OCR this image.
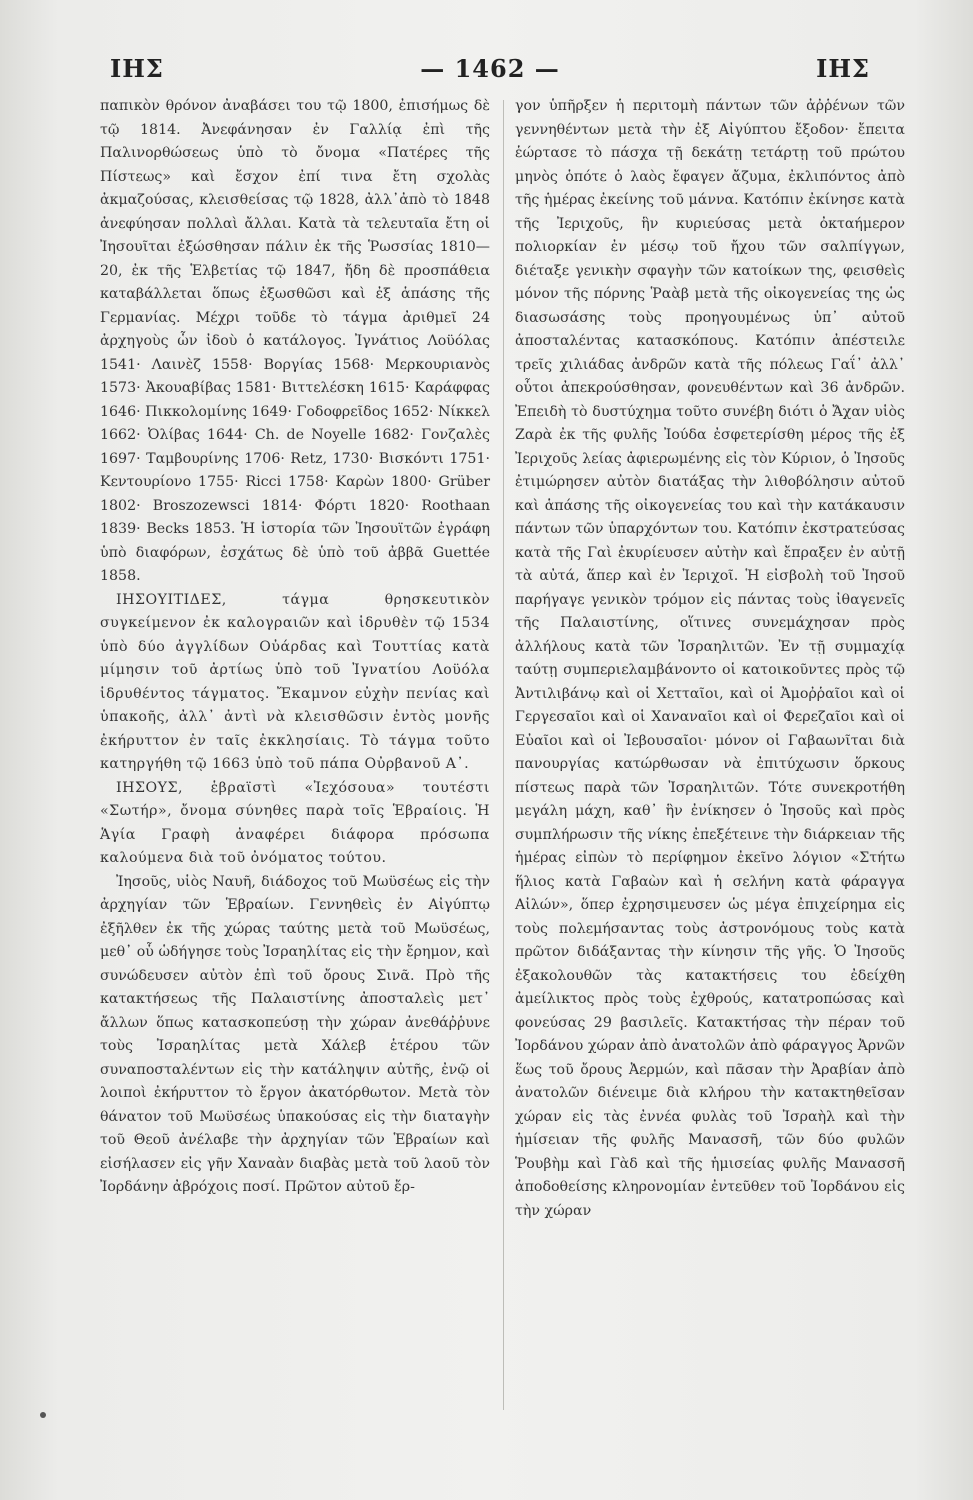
ΙΗΣ	— 1462 —	ΙΗΣ

παπικὸν θρόνον ἀναβάσει του τῷ 1800, ἐπισήμως δὲ τῷ 1814. Ἀνεφάνησαν ἐν Γαλλίᾳ ἐπὶ τῆς Παλινορθώσεως ὑπὸ τὸ ὄνομα «Πατέρες τῆς Πίστεως» καὶ ἔσχον ἐπί τινα ἔτη σχολὰς ἀκμαζούσας, κλεισθείσας τῷ 1828, ἀλλ᾿ἀπὸ τὸ 1848 ἀνεφύησαν πολλαὶ ἄλλαι. Κατὰ τὰ τελευταῖα ἔτη οἱ Ἰησουῖται ἐξώσθησαν πάλιν ἐκ τῆς Ῥωσσίας 1810—20, ἐκ τῆς Ἑλβετίας τῷ 1847, ἤδη δὲ προσπάθεια καταβάλλεται ὅπως ἐξωσθῶσι καὶ ἐξ ἁπάσης τῆς Γερμανίας. Μέχρι τοῦδε τὸ τάγμα ἀριθμεῖ 24 ἀρχηγοὺς ὧν ἰδοὺ ὁ κατάλογος. Ἰγνάτιος Λοϋόλας 1541· Λαινὲζ 1558· Βοργίας 1568· Μερκουριανὸς 1573· Ἀκουαβίβας 1581· Βιττελέσκη 1615· Καράφφας 1646· Πικκολομίνης 1649· Γοδοφρεῖδος 1652· Νίκκελ 1662· Ὀλίβας 1644· Ch. de Noyelle 1682· Γονζαλὲς 1697· Ταμβουρίνης 1706· Retz, 1730· Βισκόντι 1751· Κεντουρίονο 1755· Ricci 1758· Καρὼν 1800· Grüber 1802· Broszozewsci 1814· Φόρτι 1820· Roothaan 1839· Becks 1853. Ἡ ἱστορία τῶν Ἰησουϊτῶν ἐγράφη ὑπὸ διαφόρων, ἐσχάτως δὲ ὑπὸ τοῦ ἀββᾶ Guettée 1858.

ΙΗΣΟΥΙΤΙΔΕΣ, τάγμα θρησκευτικὸν συγκείμενον ἐκ καλογραιῶν καὶ ἱδρυθὲν τῷ 1534 ὑπὸ δύο ἀγγλίδων Οὐάρδας καὶ Τουττίας κατὰ μίμησιν τοῦ ἀρτίως ὑπὸ τοῦ Ἰγνατίου Λοϋόλα ἱδρυθέντος τάγματος. Ἔκαμνον εὐχὴν πενίας καὶ ὑπακοῆς, ἀλλ᾿ ἀντὶ νὰ κλεισθῶσιν ἐντὸς μονῆς ἐκήρυττον ἐν ταῖς ἐκκλησίαις. Τὸ τάγμα τοῦτο κατηργήθη τῷ 1663 ὑπὸ τοῦ πάπα Οὐρβανοῦ Α᾿.

ΙΗΣΟΥΣ, ἑβραϊστὶ «Ἰεχόσουα» τουτέστι «Σωτήρ», ὄνομα σύνηθες παρὰ τοῖς Ἑβραίοις. Ἡ Ἁγία Γραφὴ ἀναφέρει διάφορα πρόσωπα καλούμενα διὰ τοῦ ὀνόματος τούτου.

Ἰησοῦς, υἱὸς Ναυῆ, διάδοχος τοῦ Μωϋσέως εἰς τὴν ἀρχηγίαν τῶν Ἑβραίων. Γεννηθεὶς ἐν Αἰγύπτῳ ἐξῆλθεν ἐκ τῆς χώρας ταύτης μετὰ τοῦ Μωϋσέως, μεθ᾿ οὗ ὡδήγησε τοὺς Ἰσραηλίτας εἰς τὴν ἔρημον, καὶ συνώδευσεν αὐτὸν ἐπὶ τοῦ ὄρους Σινᾶ. Πρὸ τῆς κατακτήσεως τῆς Παλαιστίνης ἀποσταλεὶς μετ᾿ ἄλλων ὅπως κατασκοπεύσῃ τὴν χώραν ἀνεθάῤῥυνε τοὺς Ἰσραηλίτας μετὰ Χάλεβ ἑτέρου τῶν συναποσταλέντων εἰς τὴν κατάληψιν αὐτῆς, ἐνῷ οἱ λοιποὶ ἐκήρυττον τὸ ἔργον ἀκατόρθωτον. Μετὰ τὸν θάνατον τοῦ Μωϋσέως ὑπακούσας εἰς τὴν διαταγὴν τοῦ Θεοῦ ἀνέλαβε τὴν ἀρχηγίαν τῶν Ἑβραίων καὶ εἰσήλασεν εἰς γῆν Χαναὰν διαβὰς μετὰ τοῦ λαοῦ τὸν Ἰορδάνην ἀβρόχοις ποσί. Πρῶτον αὐτοῦ ἔρ-

γον ὑπῆρξεν ἡ περιτομὴ πάντων τῶν ἀῤῥένων τῶν γεννηθέντων μετὰ τὴν ἐξ Αἰγύπτου ἔξοδον· ἔπειτα ἑώρτασε τὸ πάσχα τῇ δεκάτῃ τετάρτῃ τοῦ πρώτου μηνὸς ὁπότε ὁ λαὸς ἔφαγεν ἄζυμα, ἐκλιπόντος ἀπὸ τῆς ἡμέρας ἐκείνης τοῦ μάννα. Κατόπιν ἐκίνησε κατὰ τῆς Ἰεριχοῦς, ἣν κυριεύσας μετὰ ὀκταήμερον πολιορκίαν ἐν μέσῳ τοῦ ἤχου τῶν σαλπίγγων, διέταξε γενικὴν σφαγὴν τῶν κατοίκων της, φεισθεὶς μόνον τῆς πόρνης Ῥαὰβ μετὰ τῆς οἰκογενείας της ὡς διασωσάσης τοὺς προηγουμένως ὑπ᾿ αὐτοῦ ἀποσταλέντας κατασκόπους. Κατόπιν ἀπέστειλε τρεῖς χιλιάδας ἀνδρῶν κατὰ τῆς πόλεως Γαΐ᾿ ἀλλ᾿ οὗτοι ἀπεκρούσθησαν, φονευθέντων καὶ 36 ἀνδρῶν. Ἐπειδὴ τὸ δυστύχημα τοῦτο συνέβη διότι ὁ Ἄχαν υἱὸς Ζαρὰ ἐκ τῆς φυλῆς Ἰούδα ἐσφετερίσθη μέρος τῆς ἐξ Ἰεριχοῦς λείας ἀφιερωμένης εἰς τὸν Κύριον, ὁ Ἰησοῦς ἐτιμώρησεν αὐτὸν διατάξας τὴν λιθοβόλησιν αὐτοῦ καὶ ἁπάσης τῆς οἰκογενείας του καὶ τὴν κατάκαυσιν πάντων τῶν ὑπαρχόντων του. Κατόπιν ἐκστρατεύσας κατὰ τῆς Γαὶ ἐκυρίευσεν αὐτὴν καὶ ἔπραξεν ἐν αὐτῇ τὰ αὐτά, ἅπερ καὶ ἐν Ἰεριχοῖ. Ἡ εἰσβολὴ τοῦ Ἰησοῦ παρήγαγε γενικὸν τρόμον εἰς πάντας τοὺς ἰθαγενεῖς τῆς Παλαιστίνης, οἵτινες συνεμάχησαν πρὸς ἀλλήλους κατὰ τῶν Ἰσραηλιτῶν. Ἐν τῇ συμμαχίᾳ ταύτῃ συμπεριελαμβάνοντο οἱ κατοικοῦντες πρὸς τῷ Ἀντιλιβάνῳ καὶ οἱ Χετταῖοι, καὶ οἱ Ἀμοῤῥαῖοι καὶ οἱ Γεργεσαῖοι καὶ οἱ Χαναναῖοι καὶ οἱ Φερεζαῖοι καὶ οἱ Εὐαῖοι καὶ οἱ Ἰεβουσαῖοι· μόνον οἱ Γαβαωνῖται διὰ πανουργίας κατώρθωσαν νὰ ἐπιτύχωσιν ὅρκους πίστεως παρὰ τῶν Ἰσραηλιτῶν. Τότε συνεκροτήθη μεγάλη μάχη, καθ᾿ ἣν ἐνίκησεν ὁ Ἰησοῦς καὶ πρὸς συμπλήρωσιν τῆς νίκης ἐπεξέτεινε τὴν διάρκειαν τῆς ἡμέρας εἰπὼν τὸ περίφημον ἐκεῖνο λόγιον «Στήτω ἥλιος κατὰ Γαβαὼν καὶ ἡ σελήνη κατὰ φάραγγα Αἰλών», ὅπερ ἐχρησιμευσεν ὡς μέγα ἐπιχείρημα εἰς τοὺς πολεμήσαντας τοὺς ἀστρονόμους τοὺς κατὰ πρῶτον διδάξαντας τὴν κίνησιν τῆς γῆς. Ὁ Ἰησοῦς ἐξακολουθῶν τὰς κατακτήσεις του ἐδείχθη ἀμείλικτος πρὸς τοὺς ἐχθρούς, κατατροπώσας καὶ φονεύσας 29 βασιλεῖς. Κατακτήσας τὴν πέραν τοῦ Ἰορδάνου χώραν ἀπὸ ἀνατολῶν ἀπὸ φάραγγος Ἀρνῶν ἕως τοῦ ὄρους Ἀερμών, καὶ πᾶσαν τὴν Ἀραβίαν ἀπὸ ἀνατολῶν διένειμε διὰ κλήρου τὴν κατακτηθεῖσαν χώραν εἰς τὰς ἐννέα φυλὰς τοῦ Ἰσραὴλ καὶ τὴν ἡμίσειαν τῆς φυλῆς Μανασσῆ, τῶν δύο φυλῶν Ῥουβὴμ καὶ Γὰδ καὶ τῆς ἡμισείας φυλῆς Μανασσῆ ἀποδοθείσης κληρονομίαν ἐντεῦθεν τοῦ Ἰορδάνου εἰς τὴν χώραν
